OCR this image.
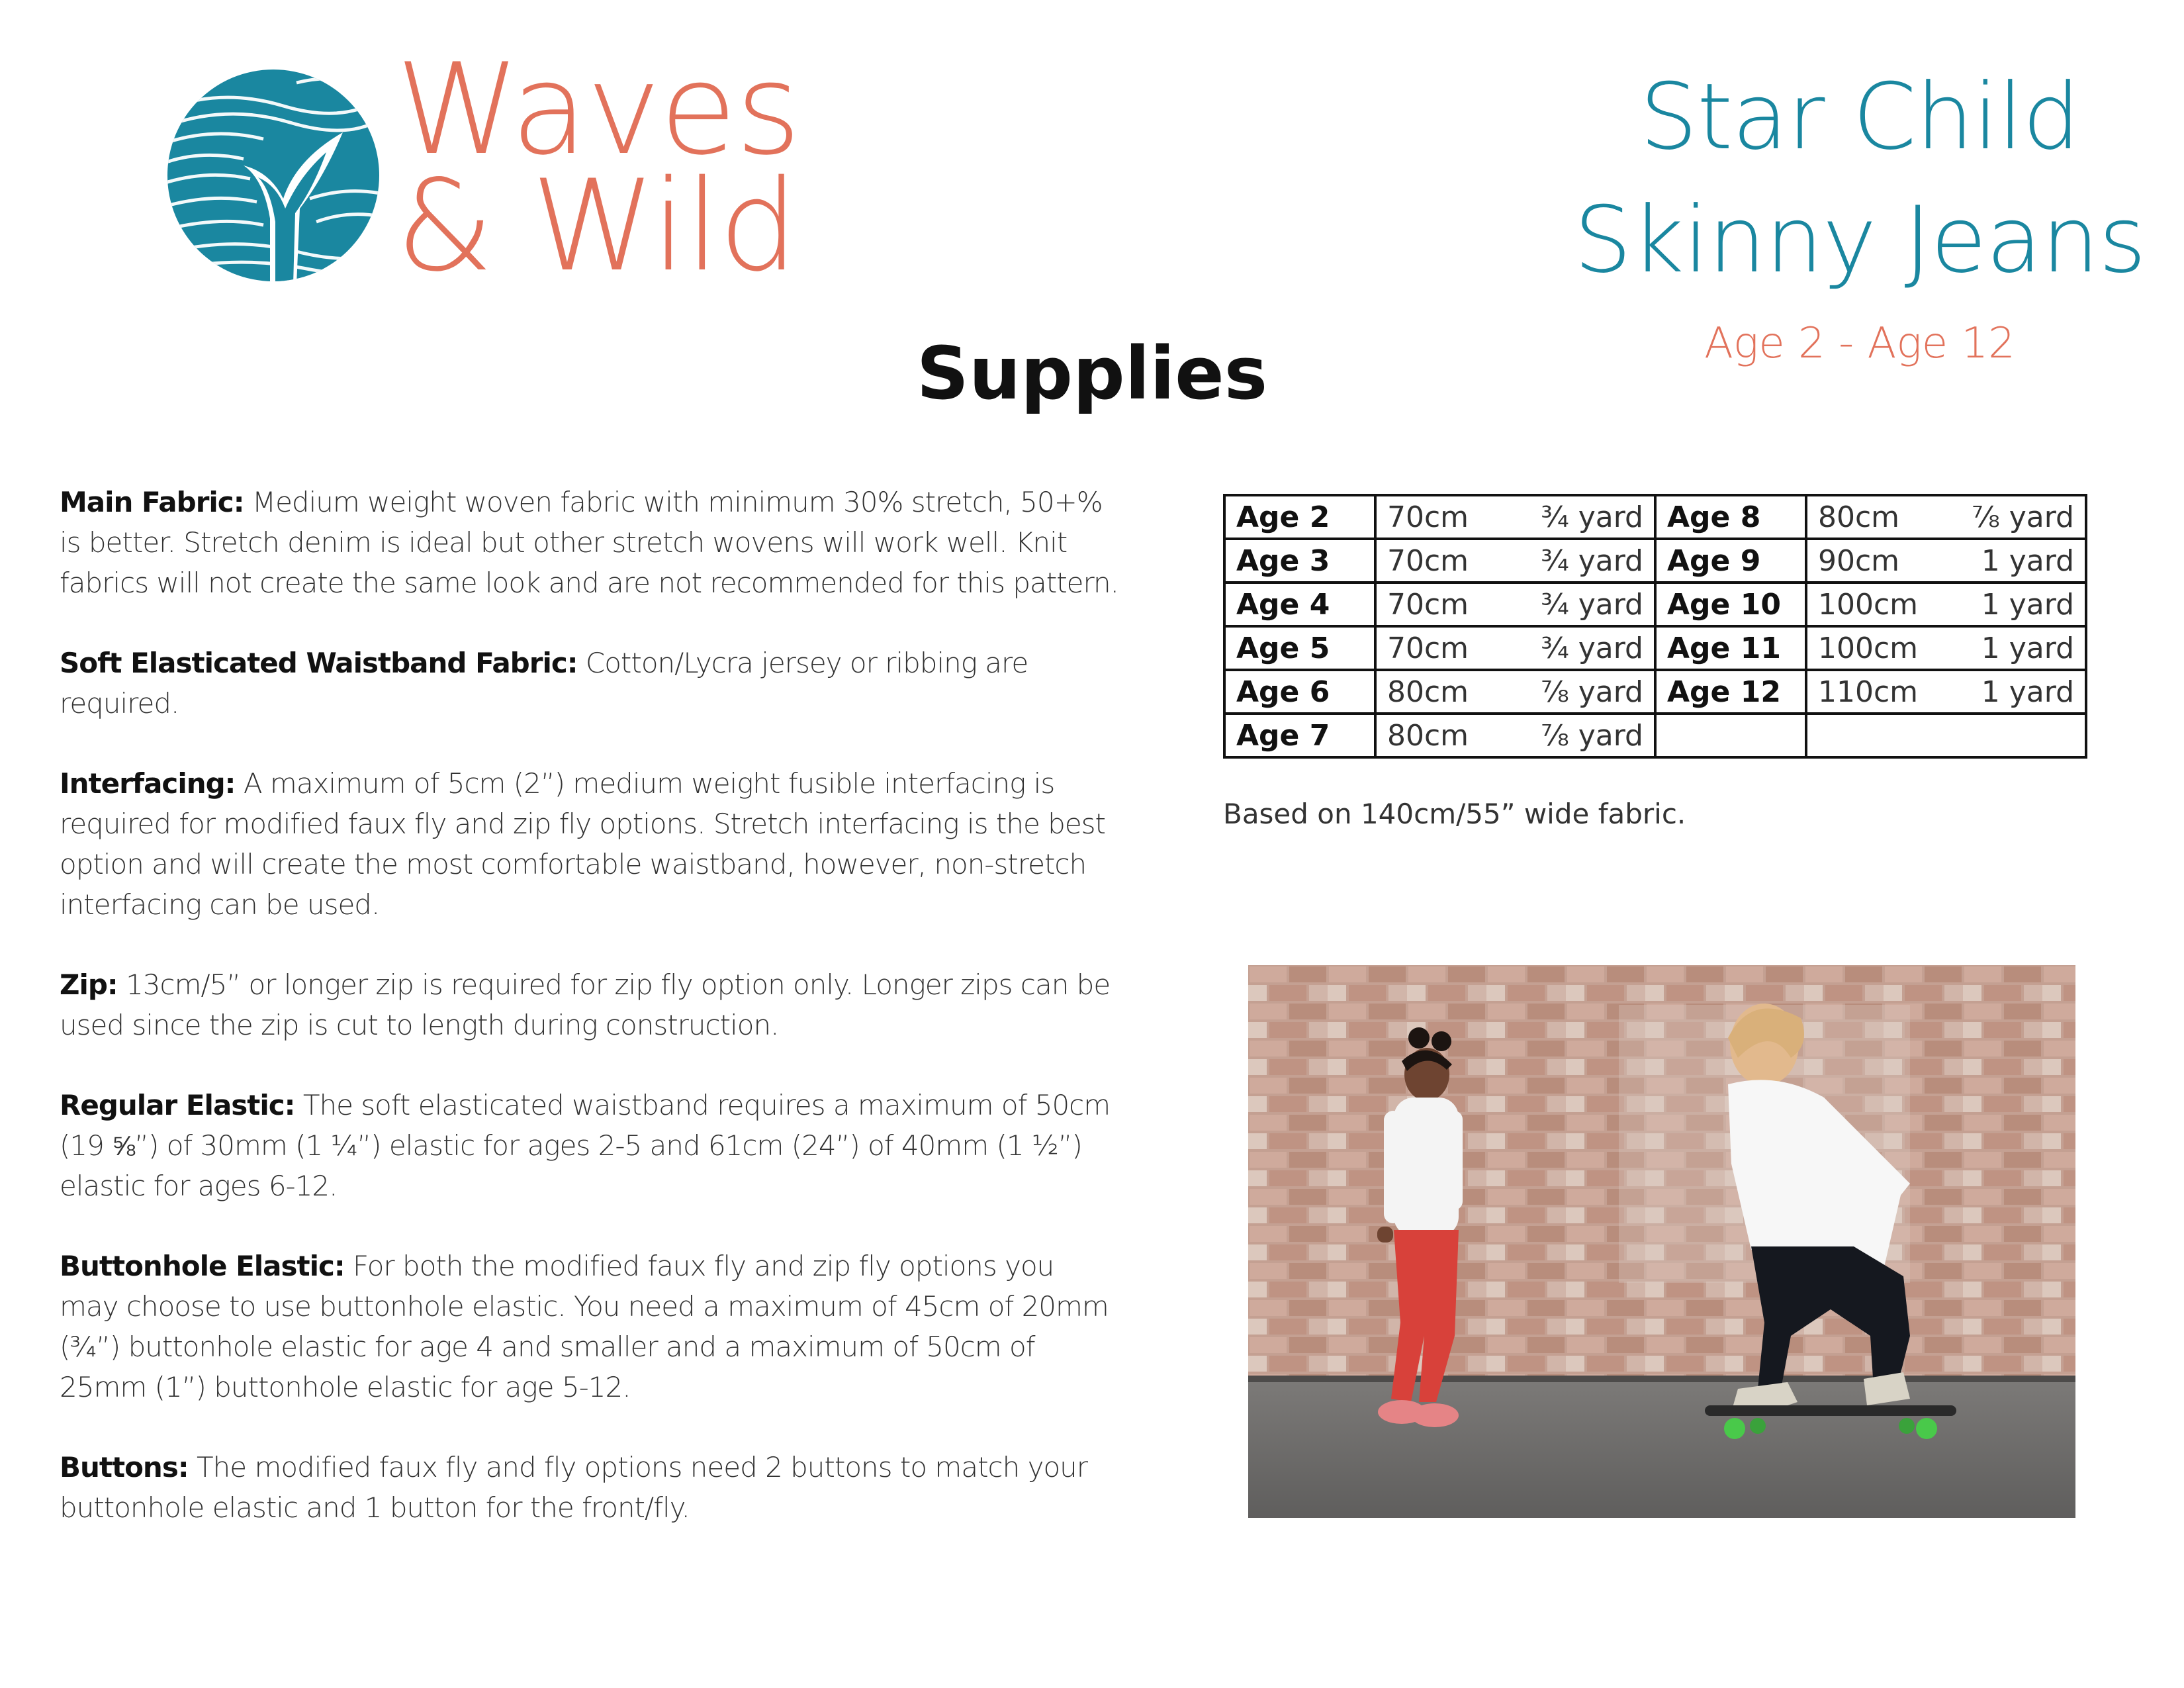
Waves
& Wild
Star Child
Skinny Jeans
Age 2 - Age 12
Supplies

Main Fabric: Medium weight woven fabric with minimum 30% stretch, 50+% is better. Stretch denim is ideal but other stretch wovens will work well. Knit fabrics will not create the same look and are not recommended for this pattern.

Soft Elasticated Waistband Fabric: Cotton/Lycra jersey or ribbing are required.

Interfacing: A maximum of 5cm (2”) medium weight fusible interfacing is required for modified faux fly and zip fly options. Stretch interfacing is the best option and will create the most comfortable waistband, however, non-stretch interfacing can be used.

Zip: 13cm/5” or longer zip is required for zip fly option only. Longer zips can be used since the zip is cut to length during construction.

Regular Elastic: The soft elasticated waistband requires a maximum of 50cm (19 ⅝”) of 30mm (1 ¼”) elastic for ages 2-5 and 61cm (24”) of 40mm (1 ½”) elastic for ages 6-12.

Buttonhole Elastic: For both the modified faux fly and zip fly options you may choose to use buttonhole elastic. You need a maximum of 45cm of 20mm (¾”) buttonhole elastic for age 4 and smaller and a maximum of 50cm of 25mm (1”) buttonhole elastic for age 5-12.

Buttons: The modified faux fly and fly options need 2 buttons to match your buttonhole elastic and 1 button for the front/fly.

Age 2	70cm ¾ yard	Age 8	80cm ⅞ yard

Age 3	70cm ¾ yard	Age 9	90cm 1 yard

Age 4	70cm ¾ yard	Age 10	100cm 1 yard

Age 5	70cm ¾ yard	Age 11	100cm 1 yard

Age 6	80cm ⅞ yard	Age 12	110cm 1 yard

Age 7	80cm ⅞ yard		

Based on 140cm/55” wide fabric.
